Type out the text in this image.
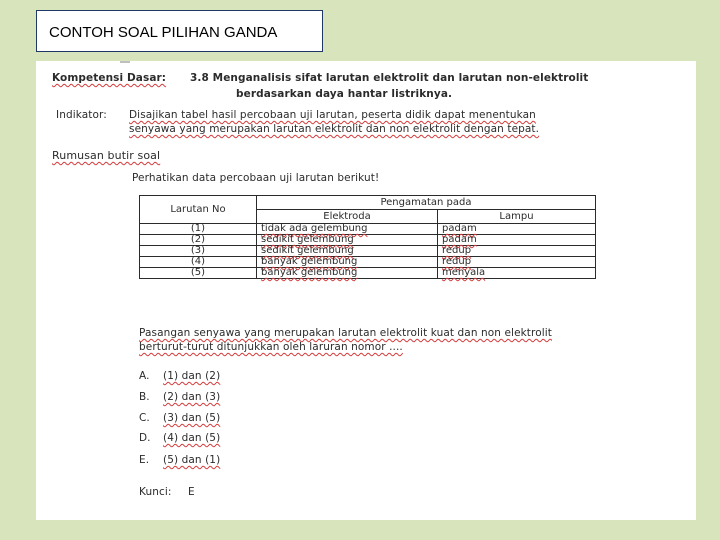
CONTOH SOAL PILIHAN GANDA
Kompetensi Dasar: 3.8 Menganalisis sifat larutan elektrolit dan larutan non-elektrolit
berdasarkan daya hantar listriknya.
Indikator: Disajikan tabel hasil percobaan uji larutan, peserta didik dapat menentukan
senyawa yang merupakan larutan elektrolit dan non elektrolit dengan tepat.
Rumusan butir soal
Perhatikan data percobaan uji larutan berikut!
Larutan No	Pengamatan pada	
	Elektroda	Lampu
(1)	tidak ada gelembung	padam
(2)	sedikit gelembung	padam
(3)	sedikit gelembung	redup
(4)	banyak gelembung	redup
(5)	banyak gelembung	menyala
Pasangan senyawa yang merupakan larutan elektrolit kuat dan non elektrolit
berturut-turut ditunjukkan oleh laruran nomor ....
A. (1) dan (2)
B. (2) dan (3)
C. (3) dan (5)
D. (4) dan (5)
E. (5) dan (1)
Kunci: E
